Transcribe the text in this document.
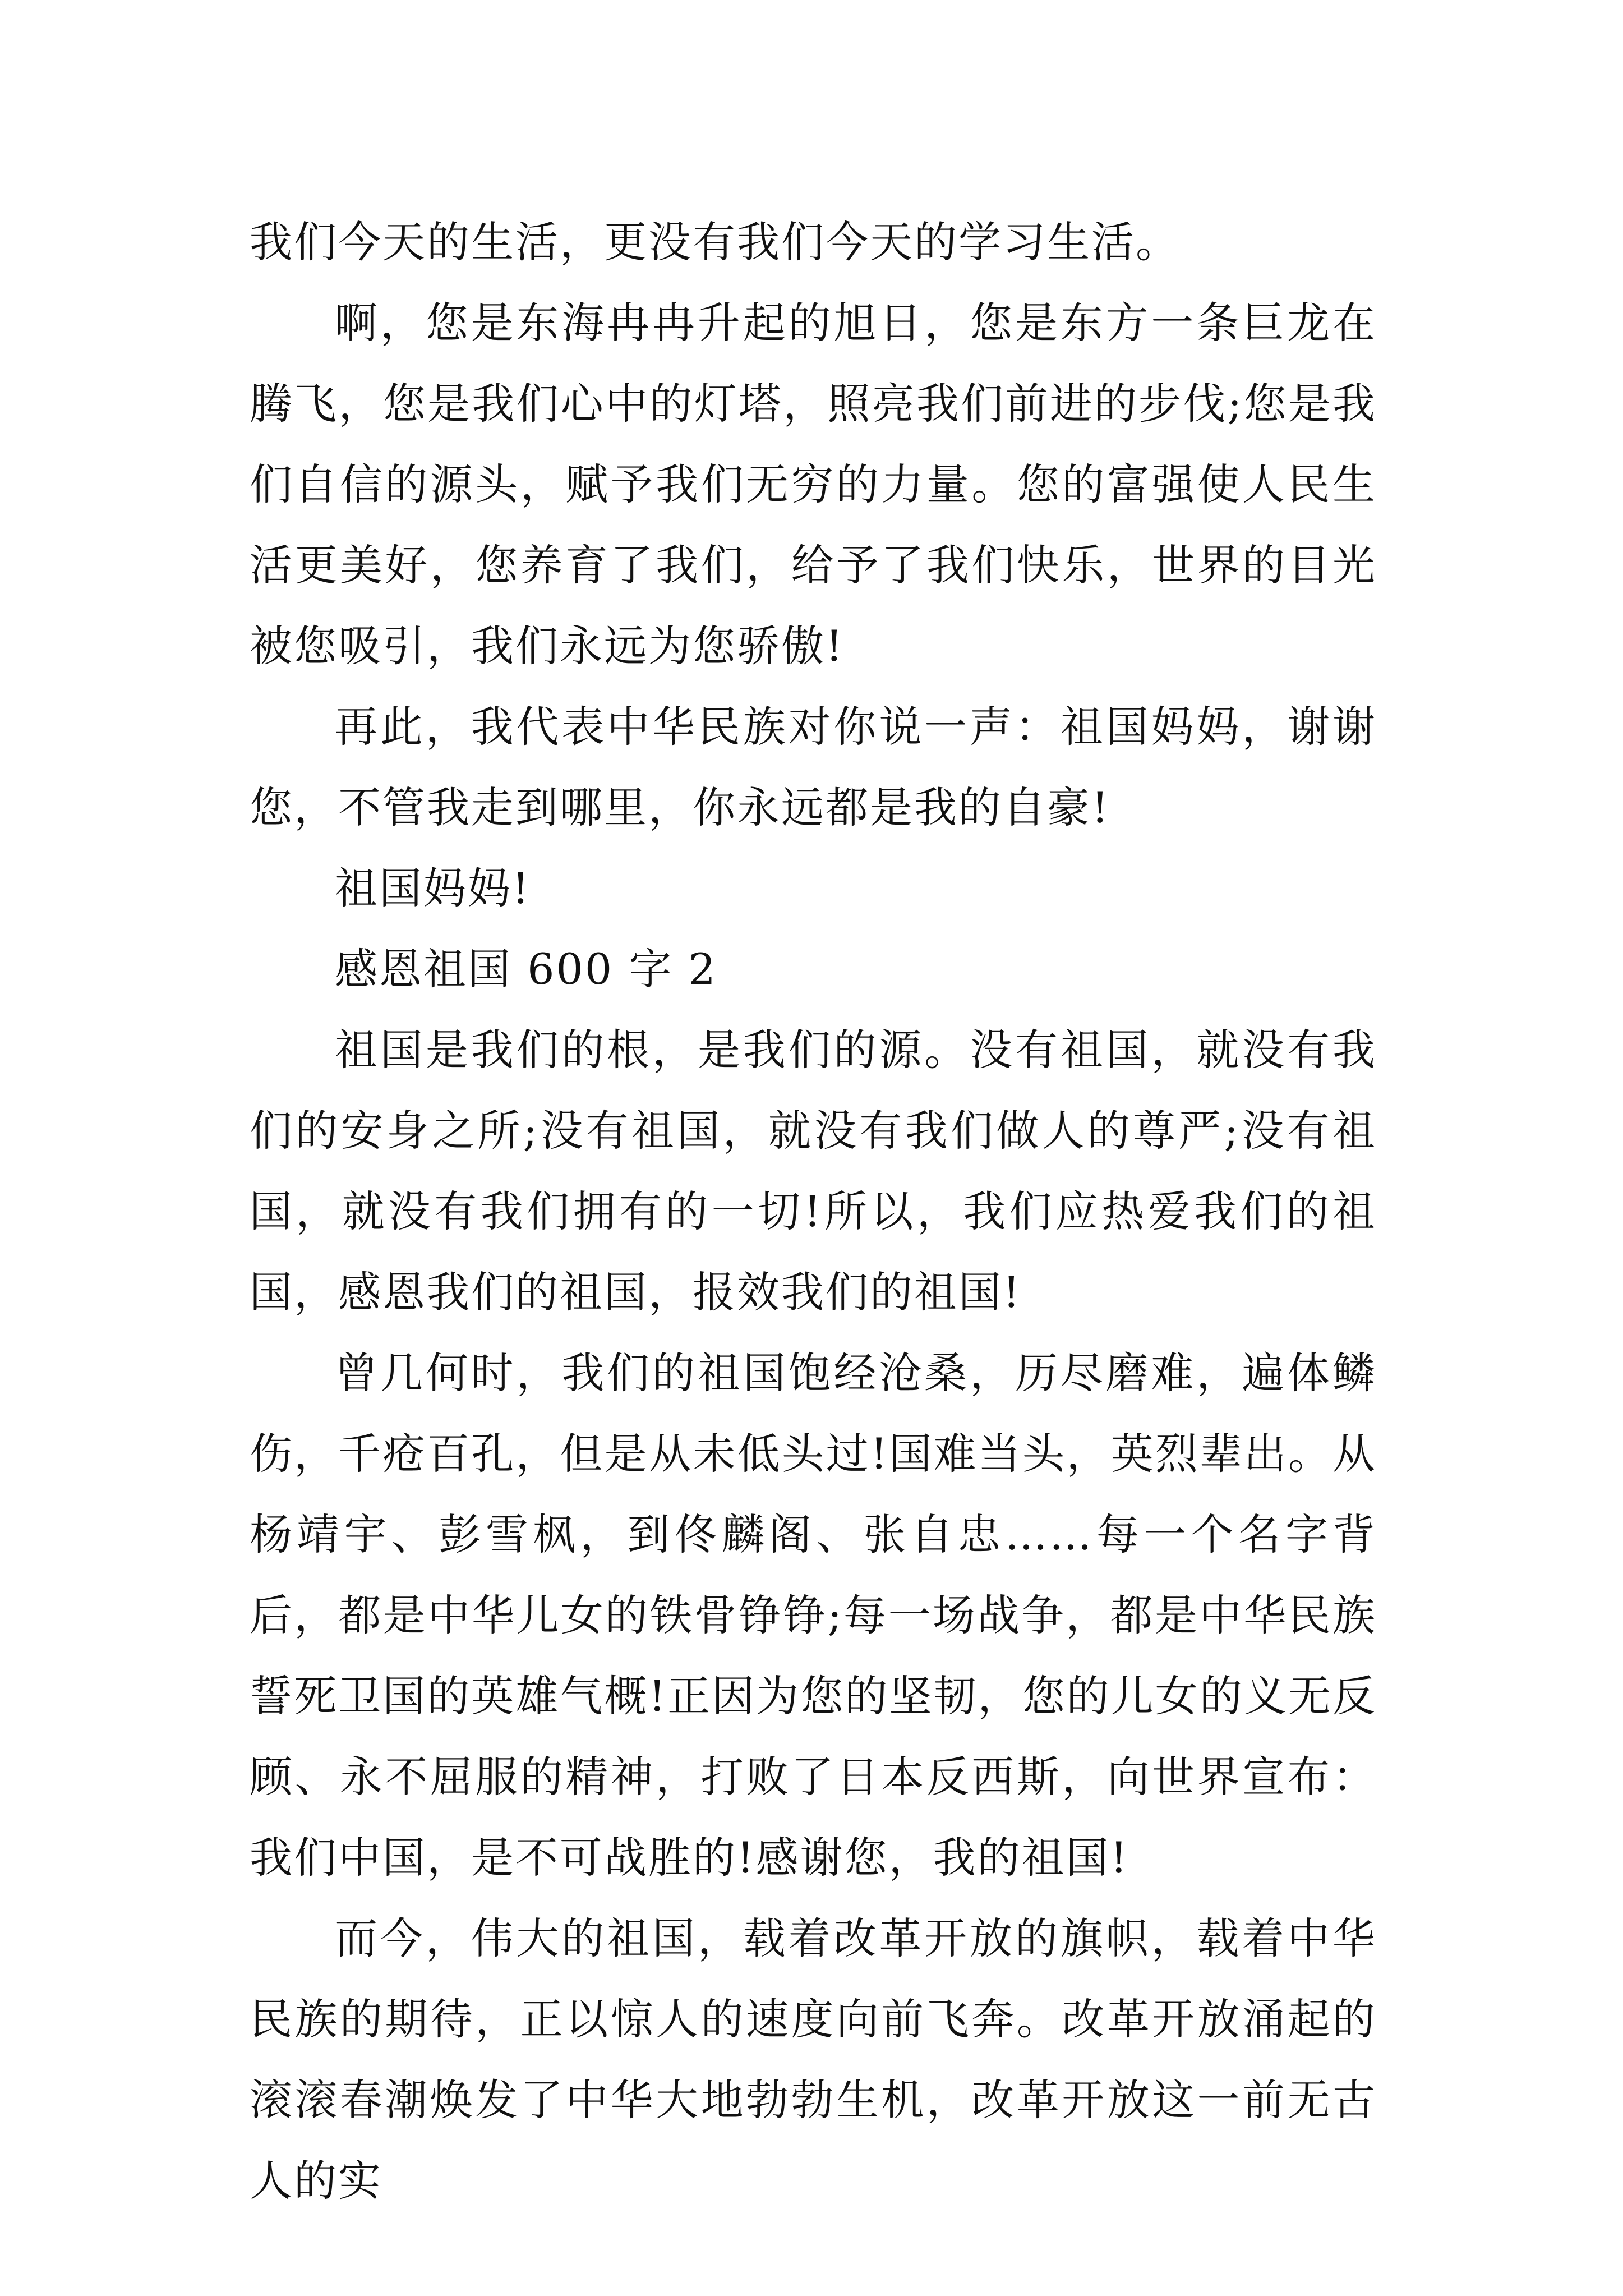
我们今天的生活，更没有我们今天的学习生活。

啊，您是东海冉冉升起的旭日，您是东方一条巨龙在腾飞，您是我们心中的灯塔，照亮我们前进的步伐;您是我们自信的源头，赋予我们无穷的力量。您的富强使人民生活更美好，您养育了我们，给予了我们快乐，世界的目光被您吸引，我们永远为您骄傲!

再此，我代表中华民族对你说一声：祖国妈妈，谢谢您，不管我走到哪里，你永远都是我的自豪!

祖国妈妈!

感恩祖国 600 字 2

祖国是我们的根，是我们的源。没有祖国，就没有我们的安身之所;没有祖国，就没有我们做人的尊严;没有祖国，就没有我们拥有的一切!所以，我们应热爱我们的祖国，感恩我们的祖国，报效我们的祖国!

曾几何时，我们的祖国饱经沧桑，历尽磨难，遍体鳞伤，千疮百孔，但是从未低头过!国难当头，英烈辈出。从杨靖宇、彭雪枫，到佟麟阁、张自忠……每一个名字背后，都是中华儿女的铁骨铮铮;每一场战争，都是中华民族誓死卫国的英雄气概!正因为您的坚韧，您的儿女的义无反顾、永不屈服的精神，打败了日本反西斯，向世界宣布：我们中国，是不可战胜的!感谢您，我的祖国!

而今，伟大的祖国，载着改革开放的旗帜，载着中华民族的期待，正以惊人的速度向前飞奔。改革开放涌起的滚滚春潮焕发了中华大地勃勃生机，改革开放这一前无古人的实
